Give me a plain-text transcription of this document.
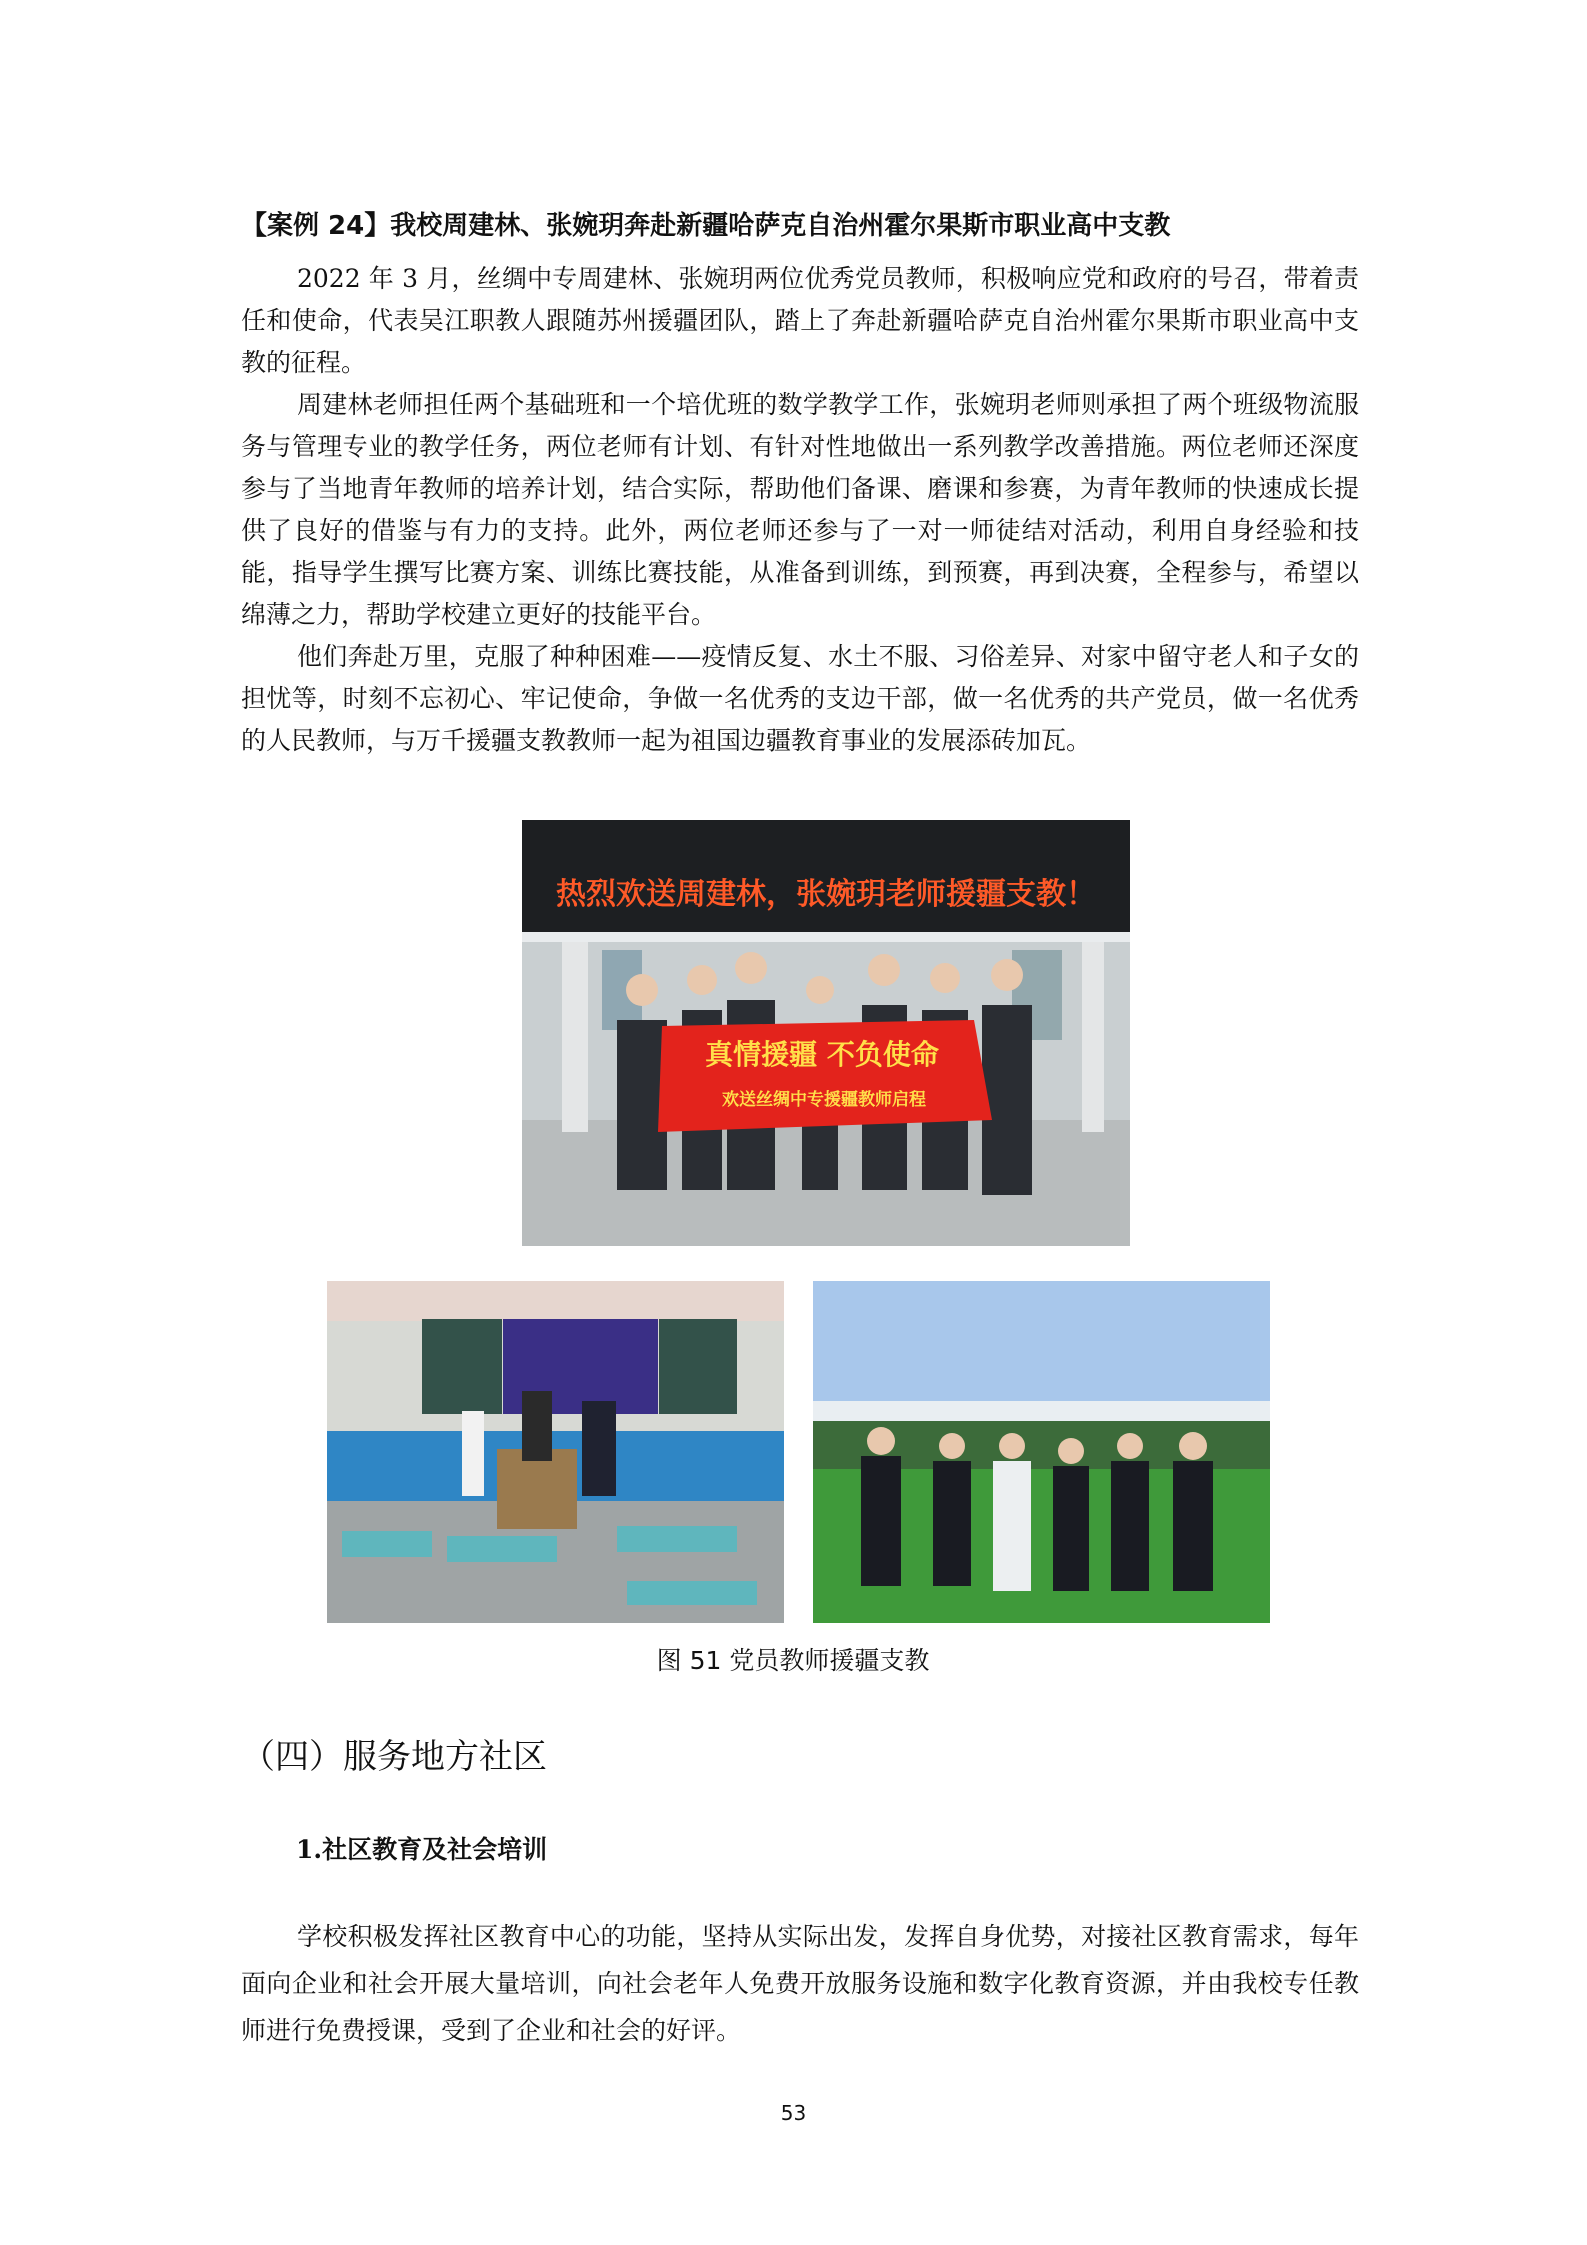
【案例 24】我校周建林、张婉玥奔赴新疆哈萨克自治州霍尔果斯市职业高中支教

2022 年 3 月，丝绸中专周建林、张婉玥两位优秀党员教师，积极响应党和政府的号召，带着责任和使命，代表吴江职教人跟随苏州援疆团队，踏上了奔赴新疆哈萨克自治州霍尔果斯市职业高中支教的征程。

周建林老师担任两个基础班和一个培优班的数学教学工作，张婉玥老师则承担了两个班级物流服务与管理专业的教学任务，两位老师有计划、有针对性地做出一系列教学改善措施。两位老师还深度参与了当地青年教师的培养计划，结合实际，帮助他们备课、磨课和参赛，为青年教师的快速成长提供了良好的借鉴与有力的支持。此外，两位老师还参与了一对一师徒结对活动，利用自身经验和技能，指导学生撰写比赛方案、训练比赛技能，从准备到训练，到预赛，再到决赛，全程参与，希望以绵薄之力，帮助学校建立更好的技能平台。

他们奔赴万里，克服了种种困难——疫情反复、水土不服、习俗差异、对家中留守老人和子女的担忧等，时刻不忘初心、牢记使命，争做一名优秀的支边干部，做一名优秀的共产党员，做一名优秀的人民教师，与万千援疆支教教师一起为祖国边疆教育事业的发展添砖加瓦。

热烈欢送周建林，张婉玥老师援疆支教！
真情援疆 不负使命
欢送丝绸中专援疆教师启程
图 51 党员教师援疆支教
（四）服务地方社区
1.社区教育及社会培训

学校积极发挥社区教育中心的功能，坚持从实际出发，发挥自身优势，对接社区教育需求，每年面向企业和社会开展大量培训，向社会老年人免费开放服务设施和数字化教育资源，并由我校专任教师进行免费授课，受到了企业和社会的好评。

53
